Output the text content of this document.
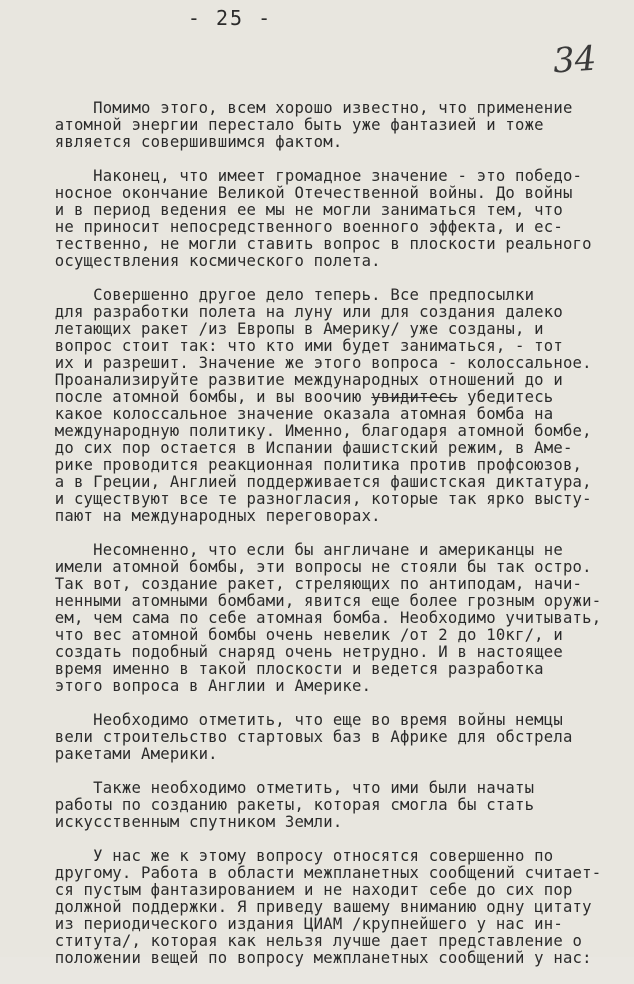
- 25 -
34
Помимо этого, всем хорошо известно, что применение
атомной энергии перестало быть уже фантазией и тоже
является совершившимся фактом.
Наконец, что имеет громадное значение - это победо-
носное окончание Великой Отечественной войны. До войны
и в период ведения ее мы не могли заниматься тем, что
не приносит непосредственного военного эффекта, и ес-
тественно, не могли ставить вопрос в плоскости реального
осуществления космического полета.
Совершенно другое дело теперь. Все предпосылки
для разработки полета на луну или для создания далеко
летающих ракет /из Европы в Америку/ уже созданы, и
вопрос стоит так: что кто ими будет заниматься, - тот
их и разрешит. Значение же этого вопроса - колоссальное.
Проанализируйте развитие международных отношений до и
после атомной бомбы, и вы воочию увидитесь убедитесь
какое колоссальное значение оказала атомная бомба на
международную политику. Именно, благодаря атомной бомбе,
до сих пор остается в Испании фашистский режим, в Аме-
рике проводится реакционная политика против профсоюзов,
а в Греции, Англией поддерживается фашистская диктатура,
и существуют все те разногласия, которые так ярко высту-
пают на международных переговорах.
Несомненно, что если бы англичане и американцы не
имели атомной бомбы, эти вопросы не стояли бы так остро.
Так вот, создание ракет, стреляющих по антиподам, начи-
ненными атомными бомбами, явится еще более грозным оружи-
ем, чем сама по себе атомная бомба. Необходимо учитывать,
что вес атомной бомбы очень невелик /от 2 до 10кг/, и
создать подобный снаряд очень нетрудно. И в настоящее
время именно в такой плоскости и ведется разработка
этого вопроса в Англии и Америке.
Необходимо отметить, что еще во время войны немцы
вели строительство стартовых баз в Африке для обстрела
ракетами Америки.
Также необходимо отметить, что ими были начаты
работы по созданию ракеты, которая смогла бы стать
искусственным спутником Земли.
У нас же к этому вопросу относятся совершенно по
другому. Работа в области межпланетных сообщений считает-
ся пустым фантазированием и не находит себе до сих пор
должной поддержки. Я приведу вашему вниманию одну цитату
из периодического издания ЦИАМ /крупнейшего у нас ин-
ститута/, которая как нельзя лучше дает представление о
положении вещей по вопросу межпланетных сообщений у нас:
